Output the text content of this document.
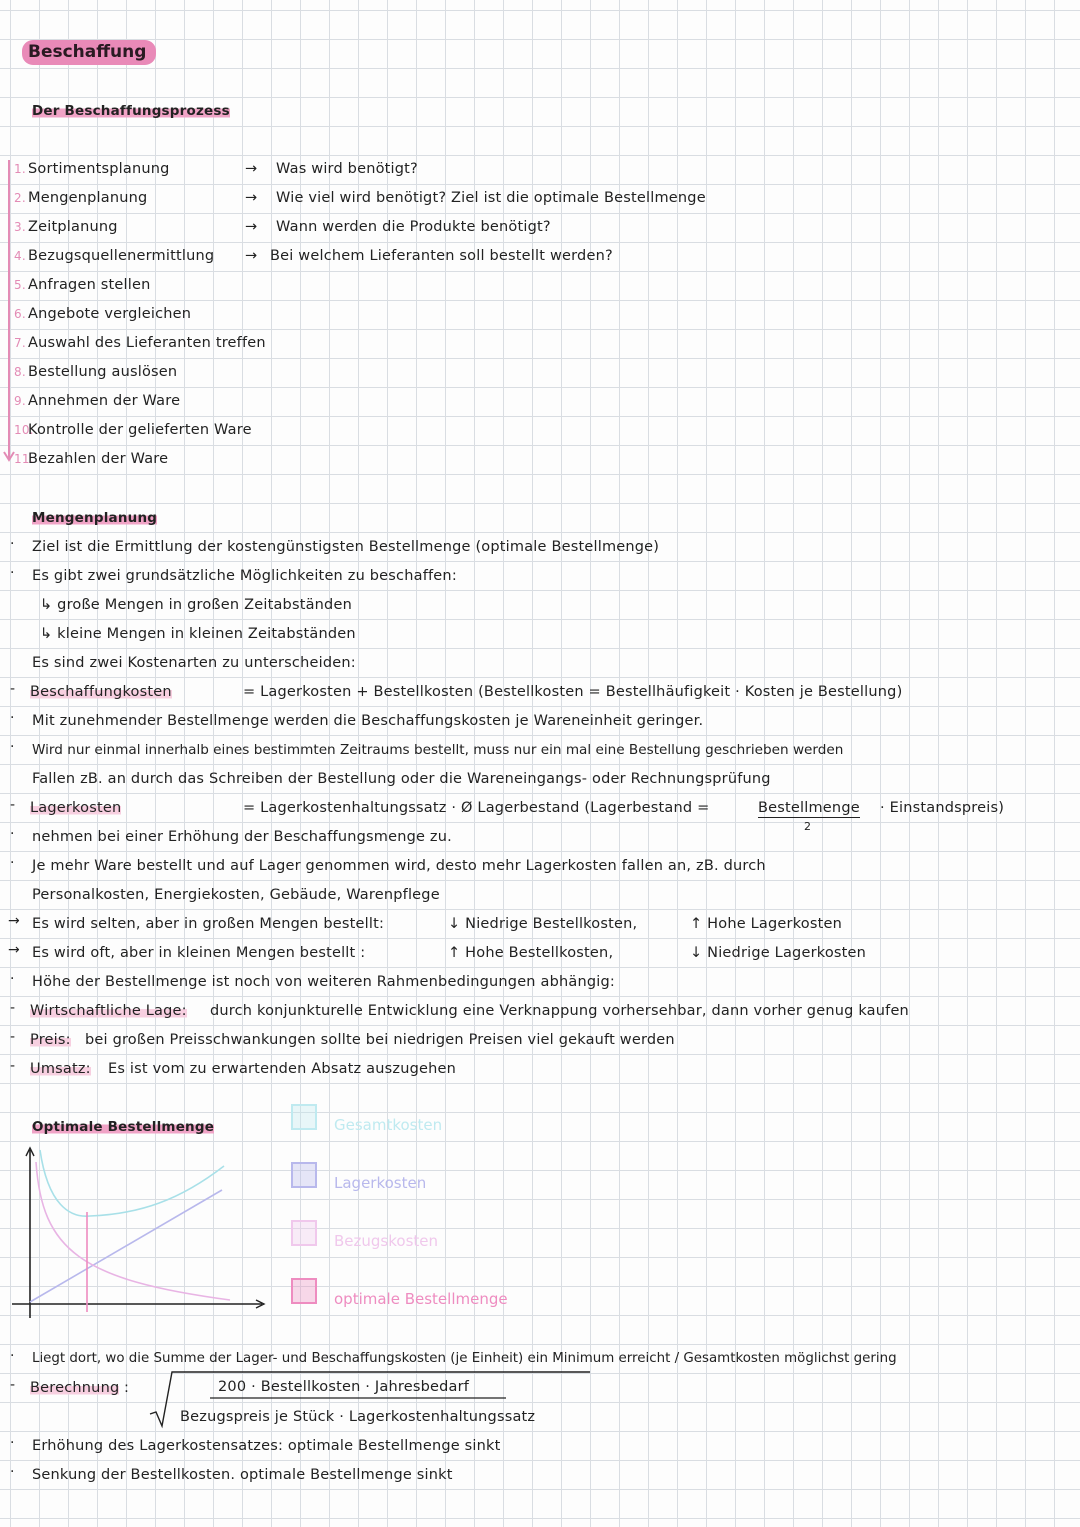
Beschaffung
Der Beschaffungsprozess
1. Sortimentsplanung	→ Was wird benötigt?
2. Mengenplanung	→ Wie viel wird benötigt? Ziel ist die optimale Bestellmenge
3. Zeitplanung	→ Wann werden die Produkte benötigt?
4. Bezugsquellenermittlung → Bei welchem Lieferanten soll bestellt werden?
5. Anfragen stellen
6. Angebote vergleichen
7. Auswahl des Lieferanten treffen
8. Bestellung auslösen
9. Annehmen der Ware
10.Kontrolle der gelieferten Ware
11.Bezahlen der Ware
Mengenplanung
· Ziel ist die Ermittlung der kostengünstigsten Bestellmenge (optimale Bestellmenge)
· Es gibt zwei grundsätzliche Möglichkeiten zu beschaffen:
↳ große Mengen in großen Zeitabständen
↳ kleine Mengen in kleinen Zeitabständen
Es sind zwei Kostenarten zu unterscheiden:
- Beschaffungkosten	= Lagerkosten + Bestellkosten (Bestellkosten = Bestellhäufigkeit · Kosten je Bestellung)
· Mit zunehmender Bestellmenge werden die Beschaffungskosten je Wareneinheit geringer.
· Wird nur einmal innerhalb eines bestimmten Zeitraums bestellt, muss nur ein mal eine Bestellung geschrieben werden
Fallen zB. an durch das Schreiben der Bestellung oder die Wareneingangs- oder Rechnungsprüfung
- Lagerkosten	= Lagerkostenhaltungssatz · Ø Lagerbestand (Lagerbestand =	Bestellmenge
2
· Einstandspreis)
· nehmen bei einer Erhöhung der Beschaffungsmenge zu.
· Je mehr Ware bestellt und auf Lager genommen wird, desto mehr Lagerkosten fallen an, zB. durch
Personalkosten, Energiekosten, Gebäude, Warenpflege
→ Es wird selten, aber in großen Mengen bestellt:	↓ Niedrige Bestellkosten,	↑ Hohe Lagerkosten
→ Es wird oft, aber in kleinen Mengen bestellt :	↑ Hohe Bestellkosten,	↓ Niedrige Lagerkosten
· Höhe der Bestellmenge ist noch von weiteren Rahmenbedingungen abhängig:
- Wirtschaftliche Lage: durch konjunkturelle Entwicklung eine Verknappung vorhersehbar, dann vorher genug kaufen
- Preis: bei großen Preisschwankungen sollte bei niedrigen Preisen viel gekauft werden
- Umsatz: Es ist vom zu erwartenden Absatz auszugehen
Optimale Bestellmenge	Gesamtkosten
Lagerkosten
Bezugskosten
optimale Bestellmenge
· Liegt dort, wo die Summe der Lager- und Beschaffungskosten (je Einheit) ein Minimum erreicht / Gesamtkosten möglichst gering
- Berechnung :	200 · Bestellkosten · Jahresbedarf
Bezugspreis je Stück · Lagerkostenhaltungssatz
· Erhöhung des Lagerkostensatzes: optimale Bestellmenge sinkt
· Senkung der Bestellkosten. optimale Bestellmenge sinkt
